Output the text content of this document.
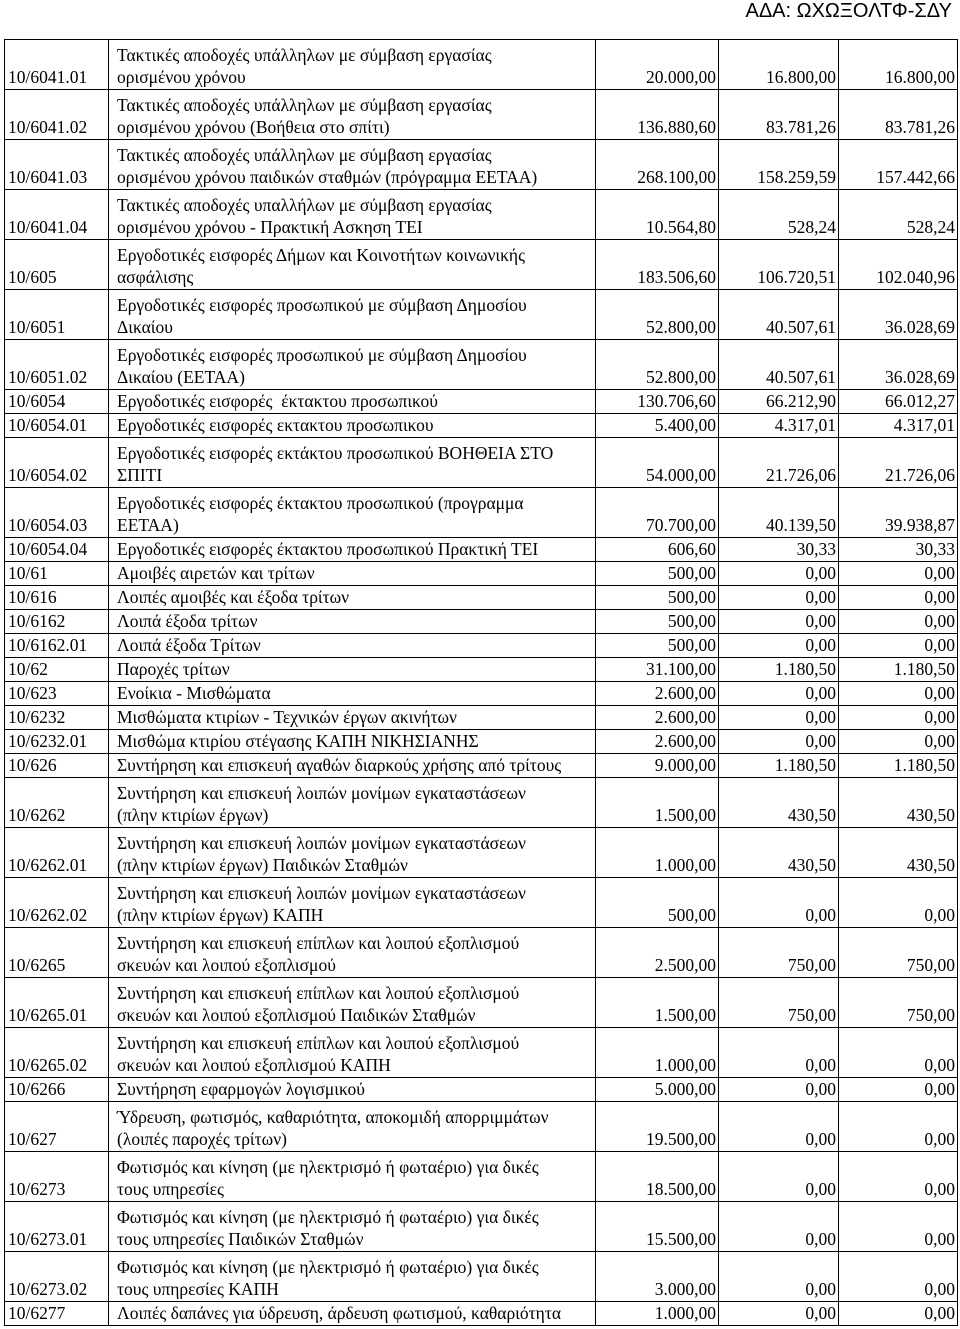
ΑΔΑ: ΩΧΩΞΟΛΤΦ-ΣΔΥ
10/6041.01
Τακτικές αποδοχές υπάλληλων με σύμβαση εργασίας
ορισμένου χρόνου	20.000,00	16.800,00	16.800,00
10/6041.02
Τακτικές αποδοχές υπάλληλων με σύμβαση εργασίας
ορισμένου χρόνου (Βοήθεια στο σπίτι)	136.880,60	83.781,26	83.781,26
10/6041.03
Τακτικές αποδοχές υπάλληλων με σύμβαση εργασίας
ορισμένου χρόνου παιδικών σταθμών (πρόγραμμα ΕΕΤΑΑ)	268.100,00	158.259,59	157.442,66
10/6041.04
Τακτικές αποδοχές υπαλλήλων με σύμβαση εργασίας
ορισμένου χρόνου - Πρακτική Ασκηση ΤΕΙ	10.564,80	528,24	528,24
10/605
Εργοδοτικές εισφορές Δήμων και Κοινοτήτων κοινωνικής
ασφάλισης	183.506,60	106.720,51	102.040,96
10/6051
Εργοδοτικές εισφορές προσωπικού με σύμβαση Δημοσίου
Δικαίου	52.800,00	40.507,61	36.028,69
10/6051.02
Εργοδοτικές εισφορές προσωπικού με σύμβαση Δημοσίου
Δικαίου (ΕΕΤΑΑ)	52.800,00	40.507,61	36.028,69
10/6054	Εργοδοτικές εισφορές  έκτακτου προσωπικού	130.706,60	66.212,90	66.012,27
10/6054.01	Εργοδοτικές εισφορές εκτακτου προσωπικου	5.400,00	4.317,01	4.317,01
10/6054.02
Εργοδοτικές εισφορές εκτάκτου προσωπικού ΒΟΗΘΕΙΑ ΣΤΟ
ΣΠΙΤΙ	54.000,00	21.726,06	21.726,06
10/6054.03
Εργοδοτικές εισφορές έκτακτου προσωπικού (προγραμμα
ΕΕΤΑΑ)	70.700,00	40.139,50	39.938,87
10/6054.04	Εργοδοτικές εισφορές έκτακτου προσωπικού Πρακτική ΤΕΙ	606,60	30,33	30,33
10/61	Αμοιβές αιρετών και τρίτων	500,00	0,00	0,00
10/616	Λοιπές αμοιβές και έξοδα τρίτων	500,00	0,00	0,00
10/6162	Λοιπά έξοδα τρίτων	500,00	0,00	0,00
10/6162.01	Λοιπά έξοδα Τρίτων	500,00	0,00	0,00
10/62	Παροχές τρίτων	31.100,00	1.180,50	1.180,50
10/623	Ενοίκια - Μισθώματα	2.600,00	0,00	0,00
10/6232	Μισθώματα κτιρίων - Τεχνικών έργων ακινήτων	2.600,00	0,00	0,00
10/6232.01	Μισθώμα κτιρίου στέγασης ΚΑΠΗ ΝΙΚΗΣΙΑΝΗΣ	2.600,00	0,00	0,00
10/626	Συντήρηση και επισκευή αγαθών διαρκούς χρήσης από τρίτους	9.000,00	1.180,50	1.180,50
10/6262
Συντήρηση και επισκευή λοιπών μονίμων εγκαταστάσεων
(πλην κτιρίων έργων)	1.500,00	430,50	430,50
10/6262.01
Συντήρηση και επισκευή λοιπών μονίμων εγκαταστάσεων
(πλην κτιρίων έργων) Παιδικών Σταθμών	1.000,00	430,50	430,50
10/6262.02
Συντήρηση και επισκευή λοιπών μονίμων εγκαταστάσεων
(πλην κτιρίων έργων) ΚΑΠΗ	500,00	0,00	0,00
10/6265
Συντήρηση και επισκευή επίπλων και λοιπού εξοπλισμού
σκευών και λοιπού εξοπλισμού	2.500,00	750,00	750,00
10/6265.01
Συντήρηση και επισκευή επίπλων και λοιπού εξοπλισμού
σκευών και λοιπού εξοπλισμού Παιδικών Σταθμών	1.500,00	750,00	750,00
10/6265.02
Συντήρηση και επισκευή επίπλων και λοιπού εξοπλισμού
σκευών και λοιπού εξοπλισμού ΚΑΠΗ	1.000,00	0,00	0,00
10/6266	Συντήρηση εφαρμογών λογισμικού	5.000,00	0,00	0,00
10/627
Ύδρευση, φωτισμός, καθαριότητα, αποκομιδή απορριμμάτων
(λοιπές παροχές τρίτων)	19.500,00	0,00	0,00
10/6273
Φωτισμός και κίνηση (με ηλεκτρισμό ή φωταέριο) για δικές
τους υπηρεσίες	18.500,00	0,00	0,00
10/6273.01
Φωτισμός και κίνηση (με ηλεκτρισμό ή φωταέριο) για δικές
τους υπηρεσίες Παιδικών Σταθμών	15.500,00	0,00	0,00
10/6273.02
Φωτισμός και κίνηση (με ηλεκτρισμό ή φωταέριο) για δικές
τους υπηρεσίες ΚΑΠΗ	3.000,00	0,00	0,00
10/6277	Λοιπές δαπάνες για ύδρευση, άρδευση φωτισμού, καθαριότητα	1.000,00	0,00	0,00
